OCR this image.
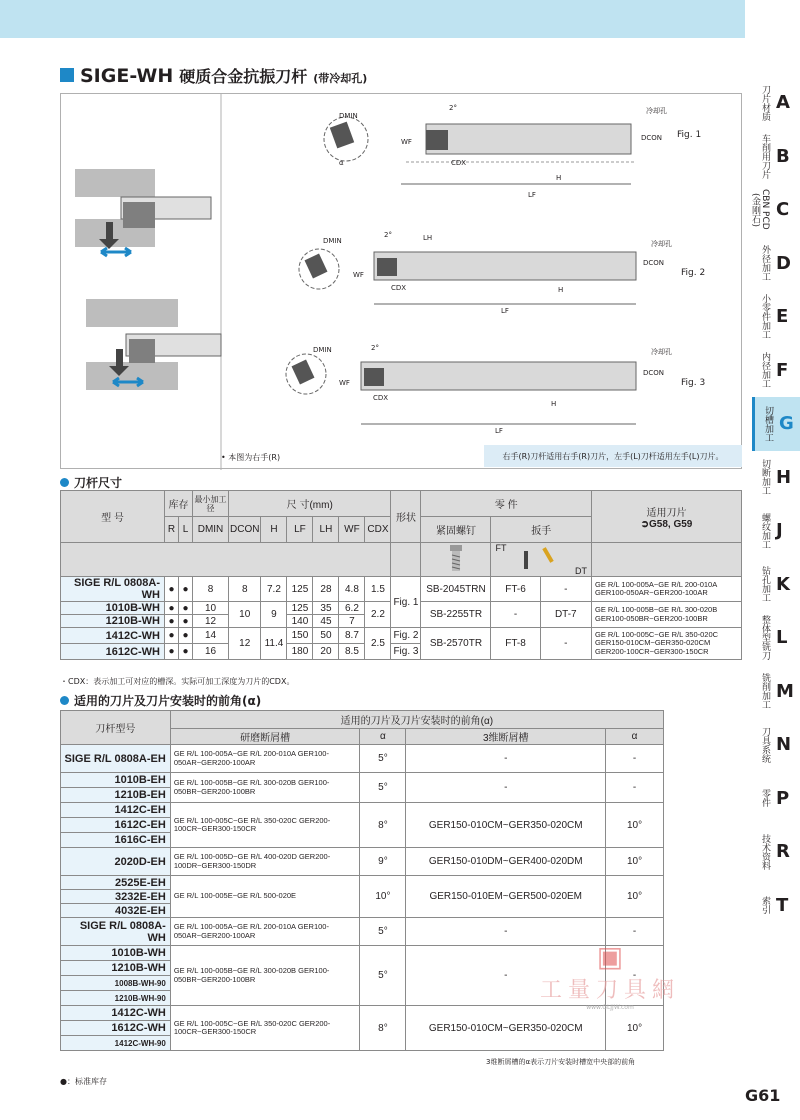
SIGE-WH 硬质合金抗振刀杆 (带冷却孔)
刀片材质 A
车削用刀片 B
CBN PCD (金刚石) C
外径加工 D
小零件加工 E
内径加工 F
切槽加工 G
切断加工 H
螺纹加工 J
钻孔加工 K
整体型铣刀 L
铣削加工 M
刀具系统 N
零件 P
技术资料 R
索引 T
Fig. 1
Fig. 2
Fig. 3
LF
LF
LF
LH
H
H
H
冷却孔
冷却孔
冷却孔
DMIN
DMIN
DMIN
2°
2°
2°
DCON
DCON
DCON
WF
WF
WF
CDX
CDX
CDX
α
• 本图为右手(R)	右手(R)刀杆适用右手(R)刀片，左手(L)刀杆适用左手(L)刀片。
刀杆尺寸
型 号	库存		最小加工径	尺 寸(mm)						形状	零 件			适用刀片
➲G58, G59

	R	L	DMIN	DCON	H	LF	LH	WF	CDX		紧固螺钉	扳手		

FT
DT		

SIGE R/L 0808A-WH	●	●	8	8	7.2	125	28	4.8	1.5	Fig. 1	SB-2045TRN	FT-6	-	GE R/L 100-005A~GE R/L 200-010A GER100-050AR~GER200-100AR
1010B-WH	●	●	10	10	9	125	35	6.2	2.2		SB-2255TR	-	DT-7	GE R/L 100-005B~GE R/L 300-020B GER100-050BR~GER200-100BR
1210B-WH	●	●	12			140	45	7						
1412C-WH	●	●	14	12	11.4	150	50	8.7	2.5	Fig. 2	SB-2570TR	FT-8	-	GE R/L 100-005C~GE R/L 350-020C GER150-010CM~GER350-020CM GER200-100CR~GER300-150CR
1612C-WH	●	●	16			180	20	8.5		Fig. 3				
・CDX：表示加工可对应的槽深。实际可加工深度为刀片的CDX。
适用的刀片及刀片安装时的前角(α)
刀杆型号	适用的刀片及刀片安装时的前角(α)			
	研磨断屑槽	α	3维断屑槽	α
SIGE R/L 0808A-EH	GE R/L 100-005A~GE R/L 200-010A GER100-050AR~GER200-100AR	5°	-	-
1010B-EH	GE R/L 100-005B~GE R/L 300-020B GER100-050BR~GER200-100BR	5°	-	-
1210B-EH				
1412C-EH	GE R/L 100-005C~GE R/L 350-020C GER200-100CR~GER300-150CR	8°	GER150-010CM~GER350-020CM	10°
1612C-EH				
1616C-EH				
2020D-EH	GE R/L 100-005D~GE R/L 400-020D GER200-100DR~GER300-150DR	9°	GER150-010DM~GER400-020DM	10°
2525E-EH	GE R/L 100-005E~GE R/L 500-020E	10°	GER150-010EM~GER500-020EM	10°
3232E-EH				
4032E-EH				
SIGE R/L 0808A-WH	GE R/L 100-005A~GE R/L 200-010A GER100-050AR~GER200-100AR	5°	-	-
1010B-WH	GE R/L 100-005B~GE R/L 300-020B GER100-050BR~GER200-100BR	5°	-	-
1210B-WH				
1008B-WH-90				
1210B-WH-90				
1412C-WH	GE R/L 100-005C~GE R/L 350-020C GER200-100CR~GER300-150CR	8°	GER150-010CM~GER350-020CM	10°
1612C-WH				
1412C-WH-90				
3维断屑槽的α表示刀片安装时槽宽中央部的前角
●：标准库存
▣
工量刀具網
www.GLJJW.com
G61
